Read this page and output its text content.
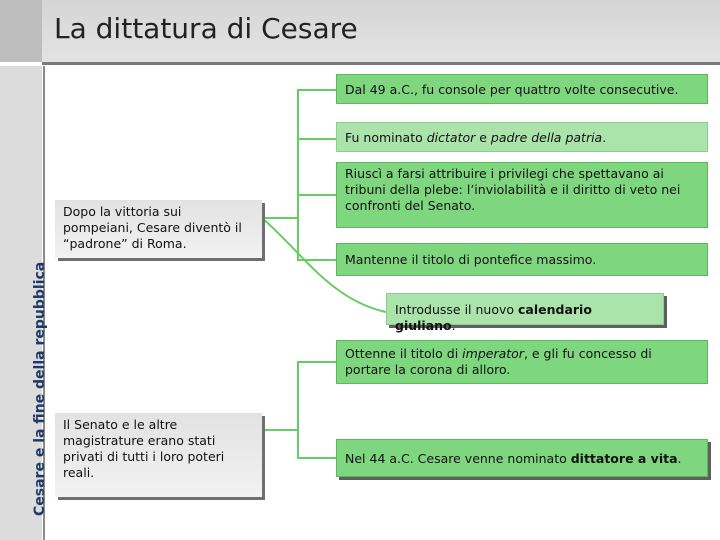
La dittatura di Cesare
Cesare e la fine della repubblica
Dopo la vittoria sui pompeiani, Cesare diventò il “padrone” di Roma.
Il Senato e le altre magistrature erano stati privati di tutti i loro poteri reali.
Dal 49 a.C., fu console per quattro volte consecutive.
Fu nominato dictator e padre della patria.
Riuscì a farsi attribuire i privilegi che spettavano ai tribuni della plebe: l’inviolabilità e il diritto di veto nei confronti del Senato.
Mantenne il titolo di pontefice massimo.
Introdusse il nuovo calendario giuliano.
Ottenne il titolo di imperator, e gli fu concesso di portare la corona di alloro.
Nel 44 a.C. Cesare venne nominato dittatore a vita.
